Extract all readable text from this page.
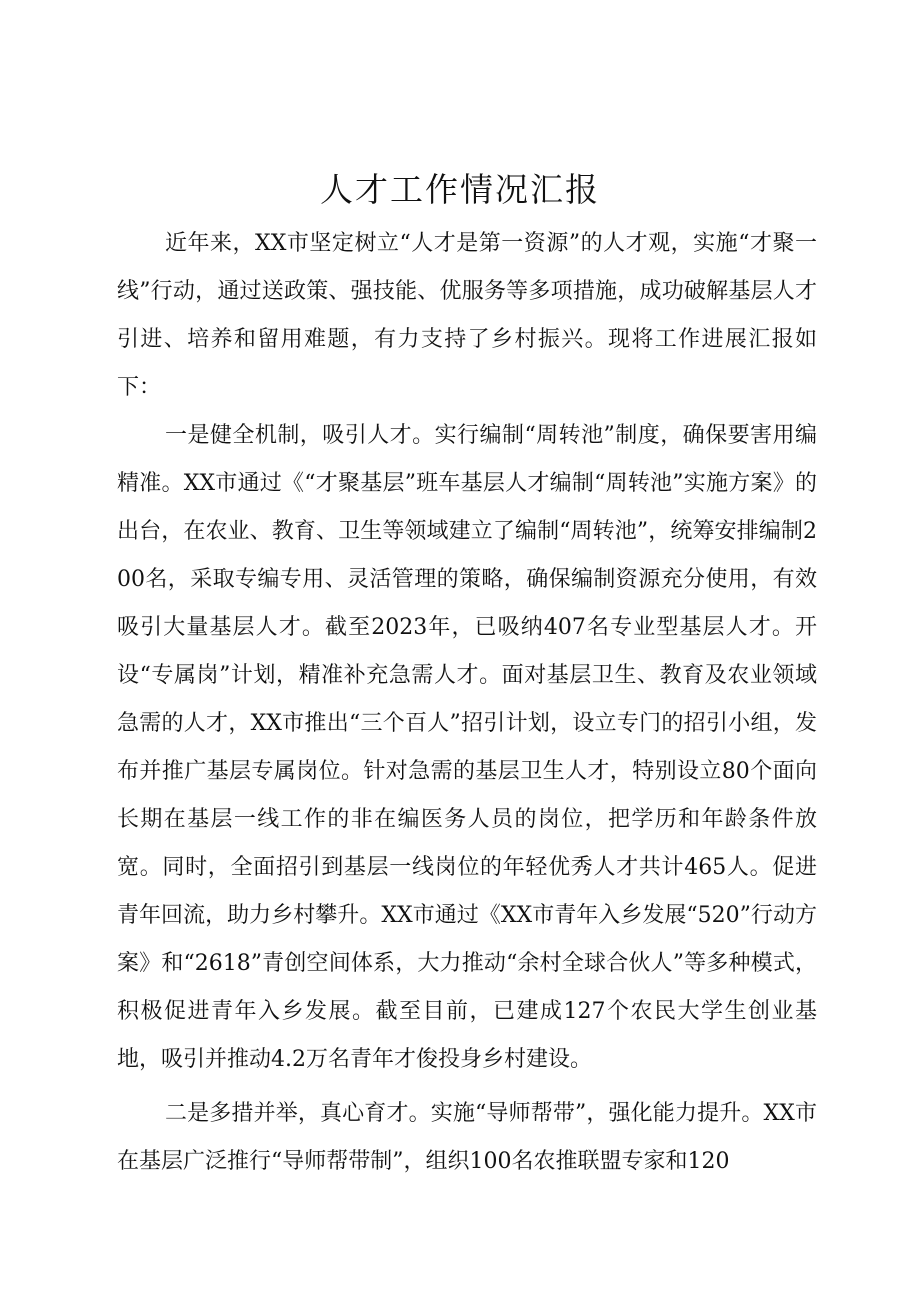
人才工作情况汇报

近年来，XX市坚定树立“人才是第一资源”的人才观，实施“才聚一线”行动，通过送政策、强技能、优服务等多项措施，成功破解基层人才引进、培养和留用难题，有力支持了乡村振兴。现将工作进展汇报如下：

一是健全机制，吸引人才。实行编制“周转池”制度，确保要害用编精准。XX市通过《“才聚基层”班车基层人才编制“周转池”实施方案》的出台，在农业、教育、卫生等领域建立了编制“周转池”，统筹安排编制200名，采取专编专用、灵活管理的策略，确保编制资源充分使用，有效吸引大量基层人才。截至2023年，已吸纳407名专业型基层人才。开设“专属岗”计划，精准补充急需人才。面对基层卫生、教育及农业领域急需的人才，XX市推出“三个百人”招引计划，设立专门的招引小组，发布并推广基层专属岗位。针对急需的基层卫生人才，特别设立80个面向长期在基层一线工作的非在编医务人员的岗位，把学历和年龄条件放宽。同时，全面招引到基层一线岗位的年轻优秀人才共计465人。促进青年回流，助力乡村攀升。XX市通过《XX市青年入乡发展“520”行动方案》和“2618”青创空间体系，大力推动“余村全球合伙人”等多种模式，积极促进青年入乡发展。截至目前，已建成127个农民大学生创业基地，吸引并推动4.2万名青年才俊投身乡村建设。

二是多措并举，真心育才。实施“导师帮带”，强化能力提升。XX市在基层广泛推行“导师帮带制”，组织100名农推联盟专家和120
